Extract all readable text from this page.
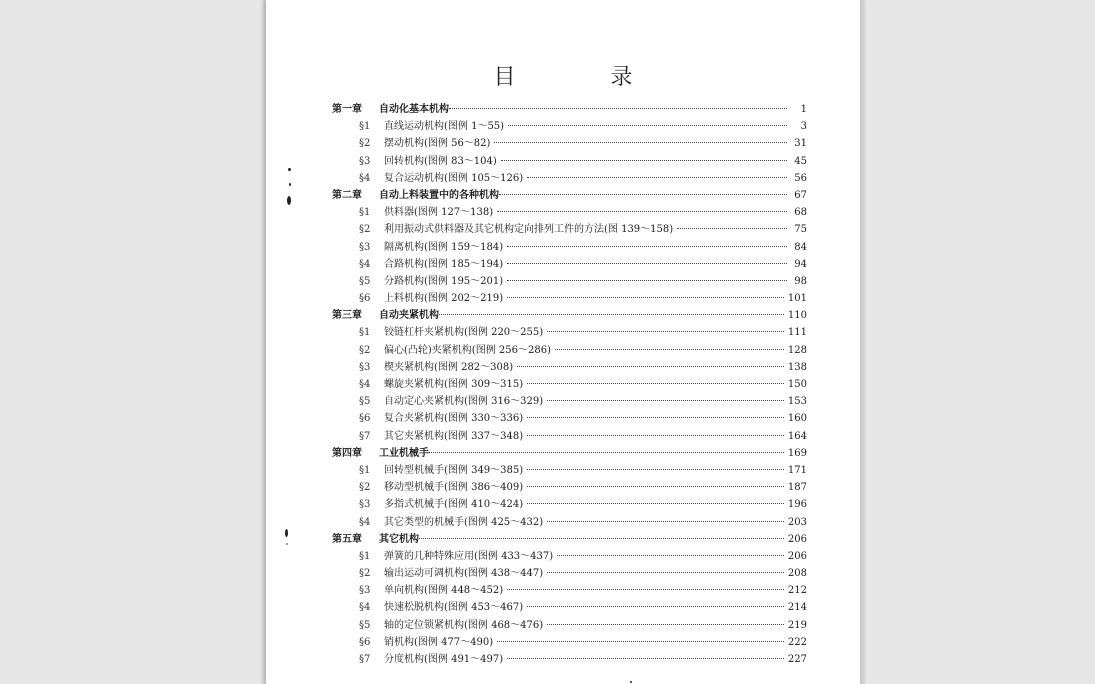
目 录
第一章	自动化基本机构	1
§1	直线运动机构(图例 1～55)	3
§2	摆动机构(图例 56～82)	31
§3	回转机构(图例 83～104)	45
§4	复合运动机构(图例 105～126)	56
第二章	自动上料装置中的各种机构	67
§1	供料器(图例 127～138)	68
§2	利用振动式供料器及其它机构定向排列工件的方法(图 139～158)	75
§3	隔离机构(图例 159～184)	84
§4	合路机构(图例 185～194)	94
§5	分路机构(图例 195～201)	98
§6	上料机构(图例 202～219)	101
第三章	自动夹紧机构	110
§1	铰链杠杆夹紧机构(图例 220～255)	111
§2	偏心(凸轮)夹紧机构(图例 256～286)	128
§3	楔夹紧机构(图例 282～308)	138
§4	螺旋夹紧机构(图例 309～315)	150
§5	自动定心夹紧机构(图例 316～329)	153
§6	复合夹紧机构(图例 330～336)	160
§7	其它夹紧机构(图例 337～348)	164
第四章	工业机械手	169
§1	回转型机械手(图例 349～385)	171
§2	移动型机械手(图例 386～409)	187
§3	多指式机械手(图例 410～424)	196
§4	其它类型的机械手(图例 425～432)	203
第五章	其它机构	206
§1	弹簧的几种特殊应用(图例 433～437)	206
§2	输出运动可调机构(图例 438～447)	208
§3	单向机构(图例 448～452)	212
§4	快速松脱机构(图例 453～467)	214
§5	轴的定位锁紧机构(图例 468～476)	219
§6	销机构(图例 477～490)	222
§7	分度机构(图例 491～497)	227
